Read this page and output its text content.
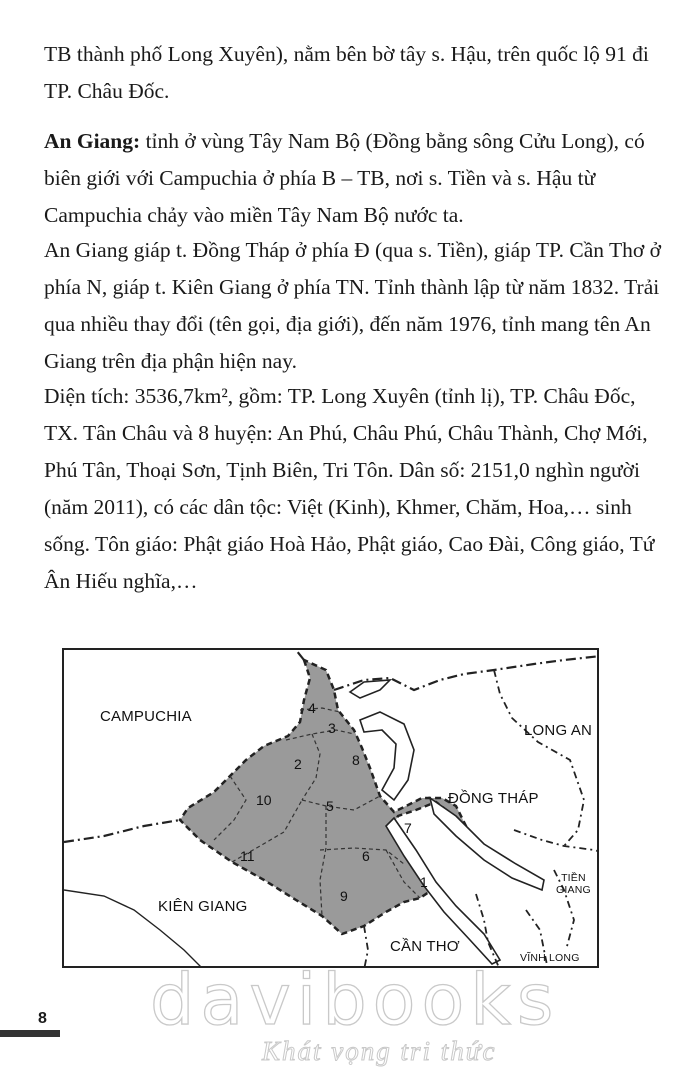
TB thành phố Long Xuyên), nằm bên bờ tây s. Hậu, trên quốc lộ 91 đi TP. Châu Đốc.

An Giang: tỉnh ở vùng Tây Nam Bộ (Đồng bằng sông Cửu Long), có biên giới với Campuchia ở phía B – TB, nơi s. Tiền và s. Hậu từ Campuchia chảy vào miền Tây Nam Bộ nước ta.

An Giang giáp t. Đồng Tháp ở phía Đ (qua s. Tiền), giáp TP. Cần Thơ ở phía N, giáp t. Kiên Giang ở phía TN. Tỉnh thành lập từ năm 1832. Trải qua nhiều thay đổi (tên gọi, địa giới), đến năm 1976, tỉnh mang tên An Giang trên địa phận hiện nay.

Diện tích: 3536,7km², gồm: TP. Long Xuyên (tỉnh lị), TP. Châu Đốc, TX. Tân Châu và 8 huyện: An Phú, Châu Phú, Châu Thành, Chợ Mới, Phú Tân, Thoại Sơn, Tịnh Biên, Tri Tôn. Dân số: 2151,0 nghìn người (năm 2011), có các dân tộc: Việt (Kinh), Khmer, Chăm, Hoa,… sinh sống. Tôn giáo: Phật giáo Hoà Hảo, Phật giáo, Cao Đài, Công giáo, Tứ Ân Hiếu nghĩa,…

CAMPUCHIA
LONG AN
ĐỒNG THÁP
KIÊN GIANG
CẦN THƠ
TIỀN
GIANG
VĨNH LONG
4
3
2	8
10	5
7
11	6
9
1
davibooks
8
Khát vọng tri thức
